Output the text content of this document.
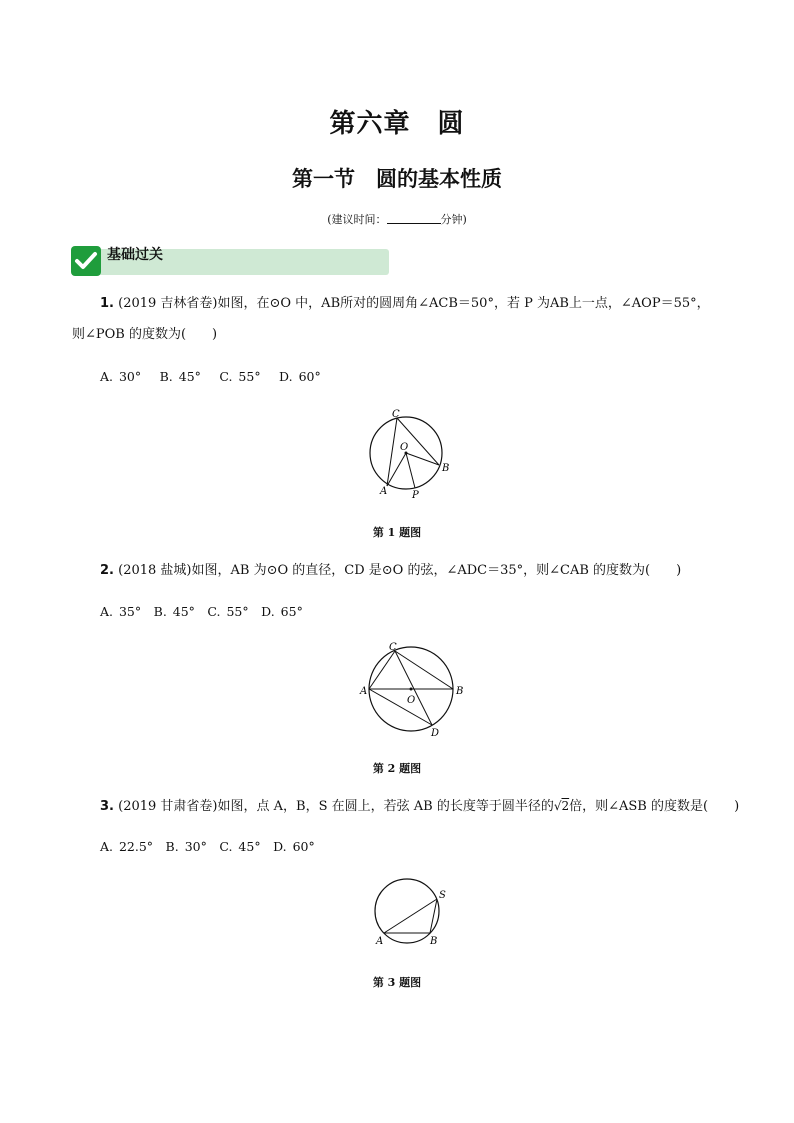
第六章　圆
第一节　圆的基本性质
(建议时间：	分钟)
基础过关
1. (2019 吉林省卷)如图，在⊙O 中，AB所对的圆周角∠ACB＝50°，若 P 为AB上一点，∠AOP＝55°，
则∠POB 的度数为(　　)
A. 30°　 B. 45°　 C. 55°　 D. 60°
C
O
B
A P
第 1 题图
2. (2018 盐城)如图，AB 为⊙O 的直径，CD 是⊙O 的弦，∠ADC＝35°，则∠CAB 的度数为(　　)
A. 35°　B. 45°　C. 55°　D. 65°
C
A	B
O
D
第 2 题图
3. (2019 甘肃省卷)如图，点 A，B，S 在圆上，若弦 AB 的长度等于圆半径的√2倍，则∠ASB 的度数是(　　)
A. 22.5°　B. 30°　C. 45°　D. 60°
S
A	B
第 3 题图
